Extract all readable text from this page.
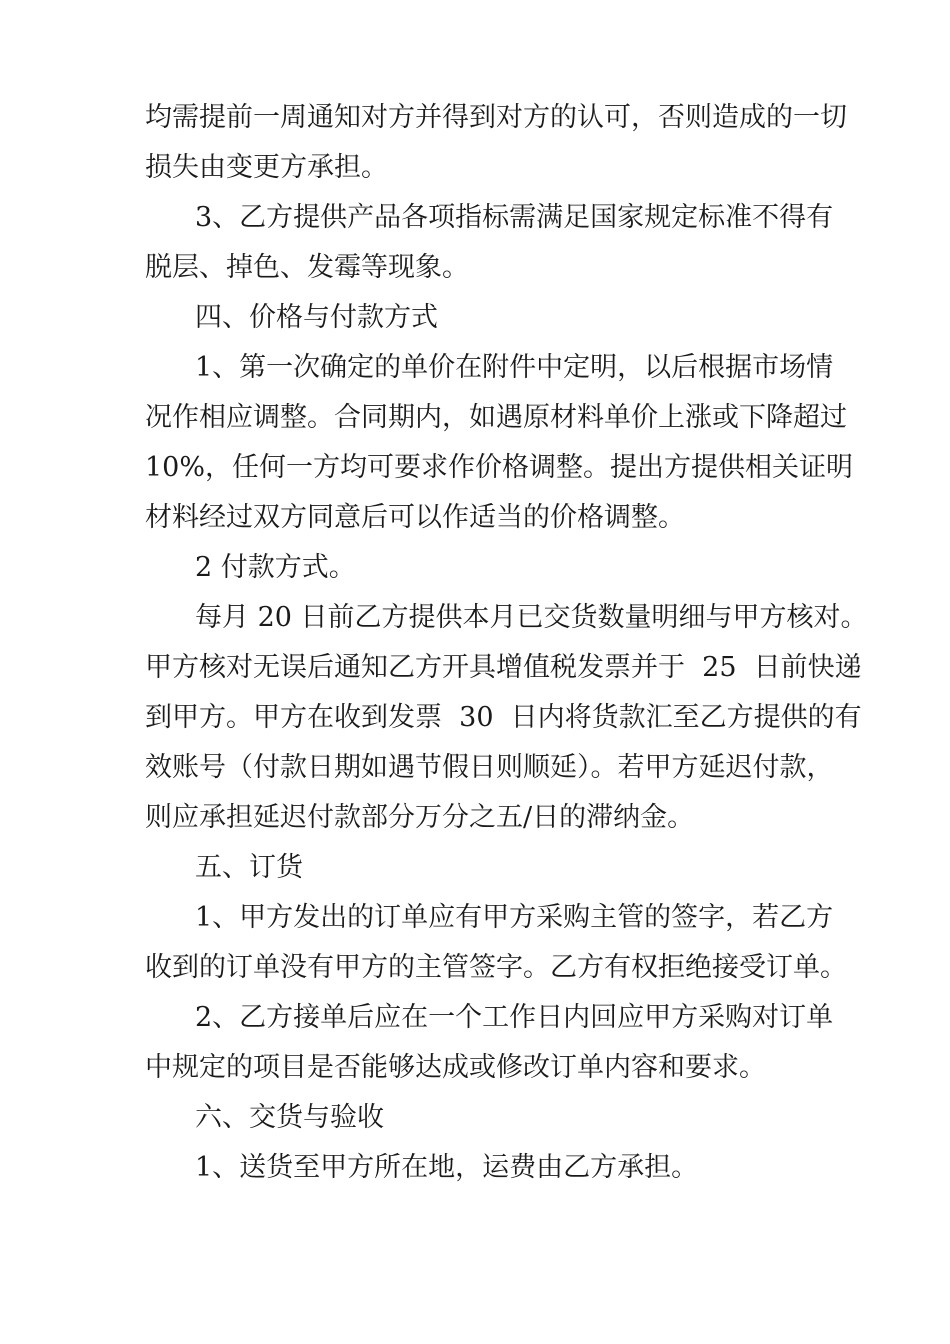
均需提前一周通知对方并得到对方的认可，否则造成的一切
损失由变更方承担。
3、乙方提供产品各项指标需满足国家规定标准不得有
脱层、掉色、发霉等现象。
四、价格与付款方式
1、第一次确定的单价在附件中定明，以后根据市场情
况作相应调整。合同期内，如遇原材料单价上涨或下降超过
10%，任何一方均可要求作价格调整。提出方提供相关证明
材料经过双方同意后可以作适当的价格调整。
2 付款方式。
每月 20 日前乙方提供本月已交货数量明细与甲方核对。
甲方核对无误后通知乙方开具增值税发票并于  25  日前快递
到甲方。甲方在收到发票  30  日内将货款汇至乙方提供的有
效账号（付款日期如遇节假日则顺延）。若甲方延迟付款，
则应承担延迟付款部分万分之五/日的滞纳金。
五、订货
1、甲方发出的订单应有甲方采购主管的签字，若乙方
收到的订单没有甲方的主管签字。乙方有权拒绝接受订单。
2、乙方接单后应在一个工作日内回应甲方采购对订单
中规定的项目是否能够达成或修改订单内容和要求。
六、交货与验收
1、送货至甲方所在地，运费由乙方承担。
